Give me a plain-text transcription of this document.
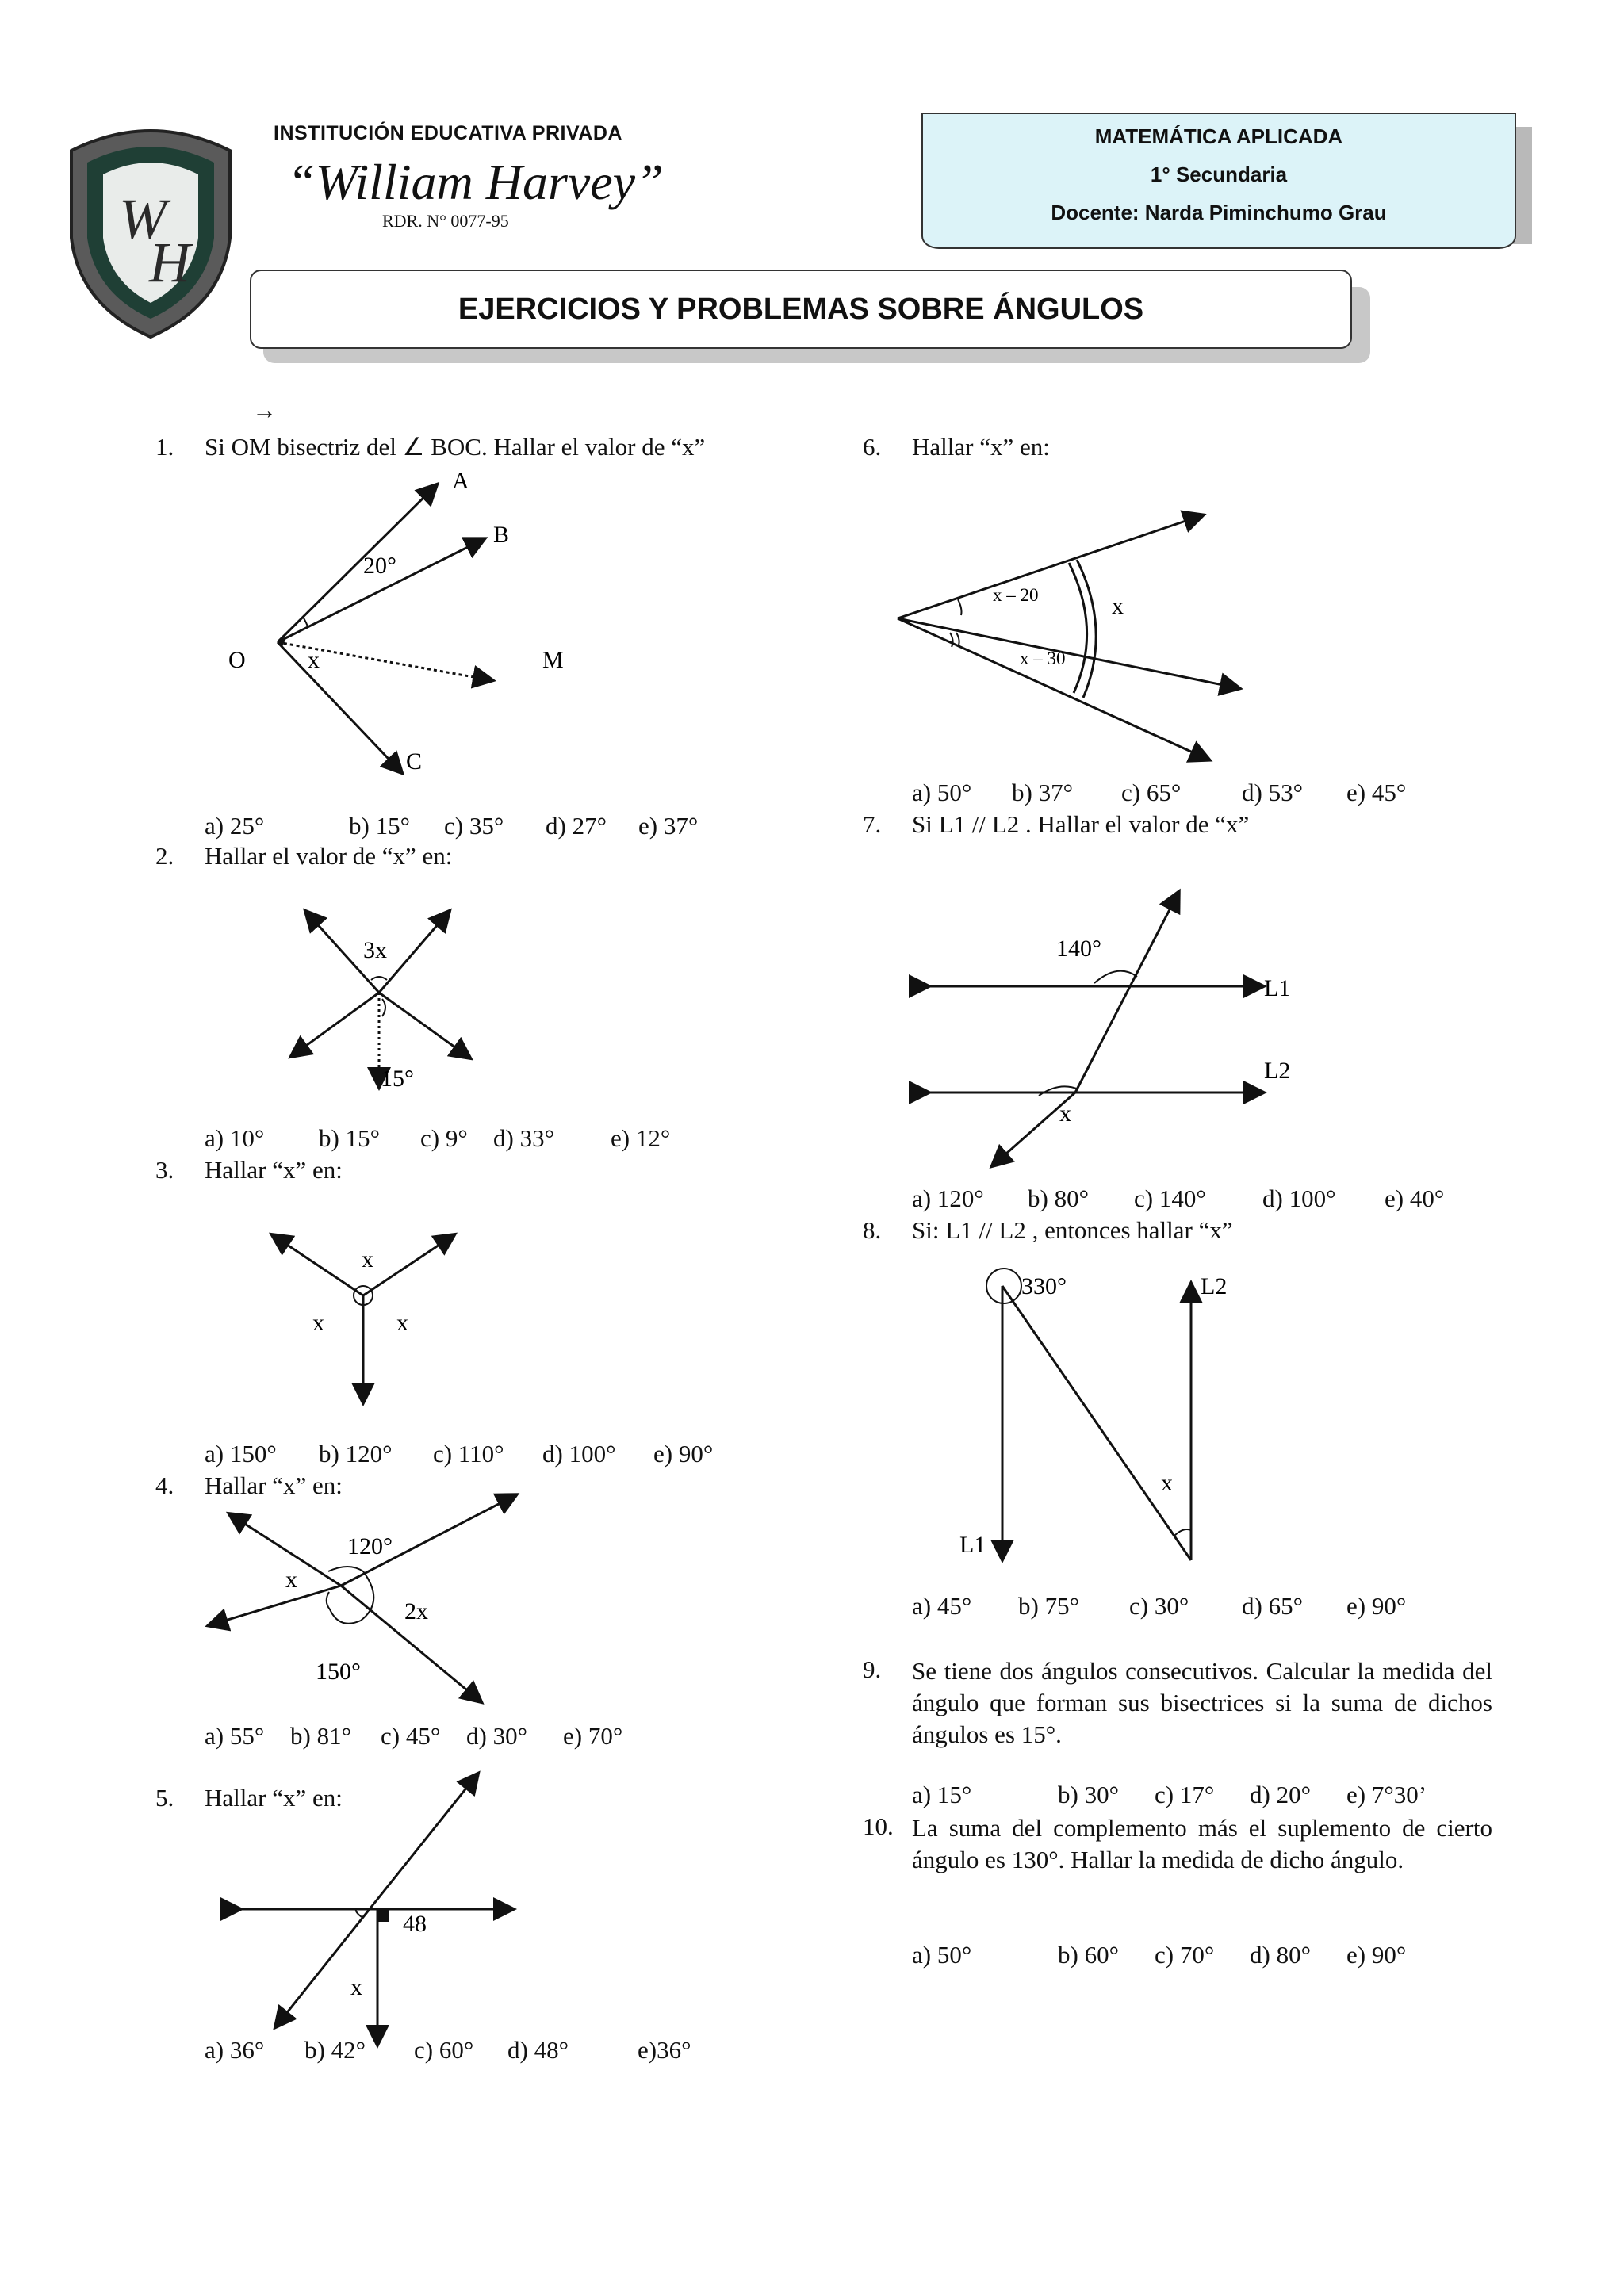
W
H
INSTITUCIÓN EDUCATIVA PRIVADA
“William Harvey”
RDR. N° 0077-95
MATEMÁTICA APLICADA
1° Secundaria
Docente: Narda Piminchumo Grau
EJERCICIOS Y PROBLEMAS SOBRE ÁNGULOS
→
1. Si OM bisectriz del ∠ BOC. Hallar el valor de “x”
A
B
O	M
C
20°
x
a) 25°	b) 15° c) 35° d) 27° e) 37°
2. Hallar el valor de “x” en:
3x
15°
a) 10° b) 15° c) 9° d) 33° e) 12°
3. Hallar “x” en:
x
x	x
a) 150° b) 120° c) 110° d) 100° e) 90°
4. Hallar “x” en:
120°
x
2x
150°
a) 55° b) 81° c) 45° d) 30° e) 70°
5. Hallar “x” en:
48
x
a) 36° b) 42° c) 60° d) 48°	e)36°
6. Hallar “x” en:
x – 20
x – 30
x
a) 50° b) 37° c) 65° d) 53° e) 45°
7. Si L1 // L2 . Hallar el valor de “x”
140°
L1
L2
x
a) 120° b) 80° c) 140° d) 100° e) 40°
8. Si: L1 // L2 , entonces hallar “x”
330°	L2
L1
x
a) 45° b) 75° c) 30° d) 65° e) 90°
9. Se tiene dos ángulos consecutivos. Calcular la medida del ángulo que forman sus bisectrices si la suma de dichos ángulos es 15°.
a) 15°	b) 30° c) 17° d) 20° e) 7°30’
10. La suma del complemento más el suplemento de cierto ángulo es 130°. Hallar la medida de dicho ángulo.
a) 50°	b) 60° c) 70° d) 80° e) 90°
